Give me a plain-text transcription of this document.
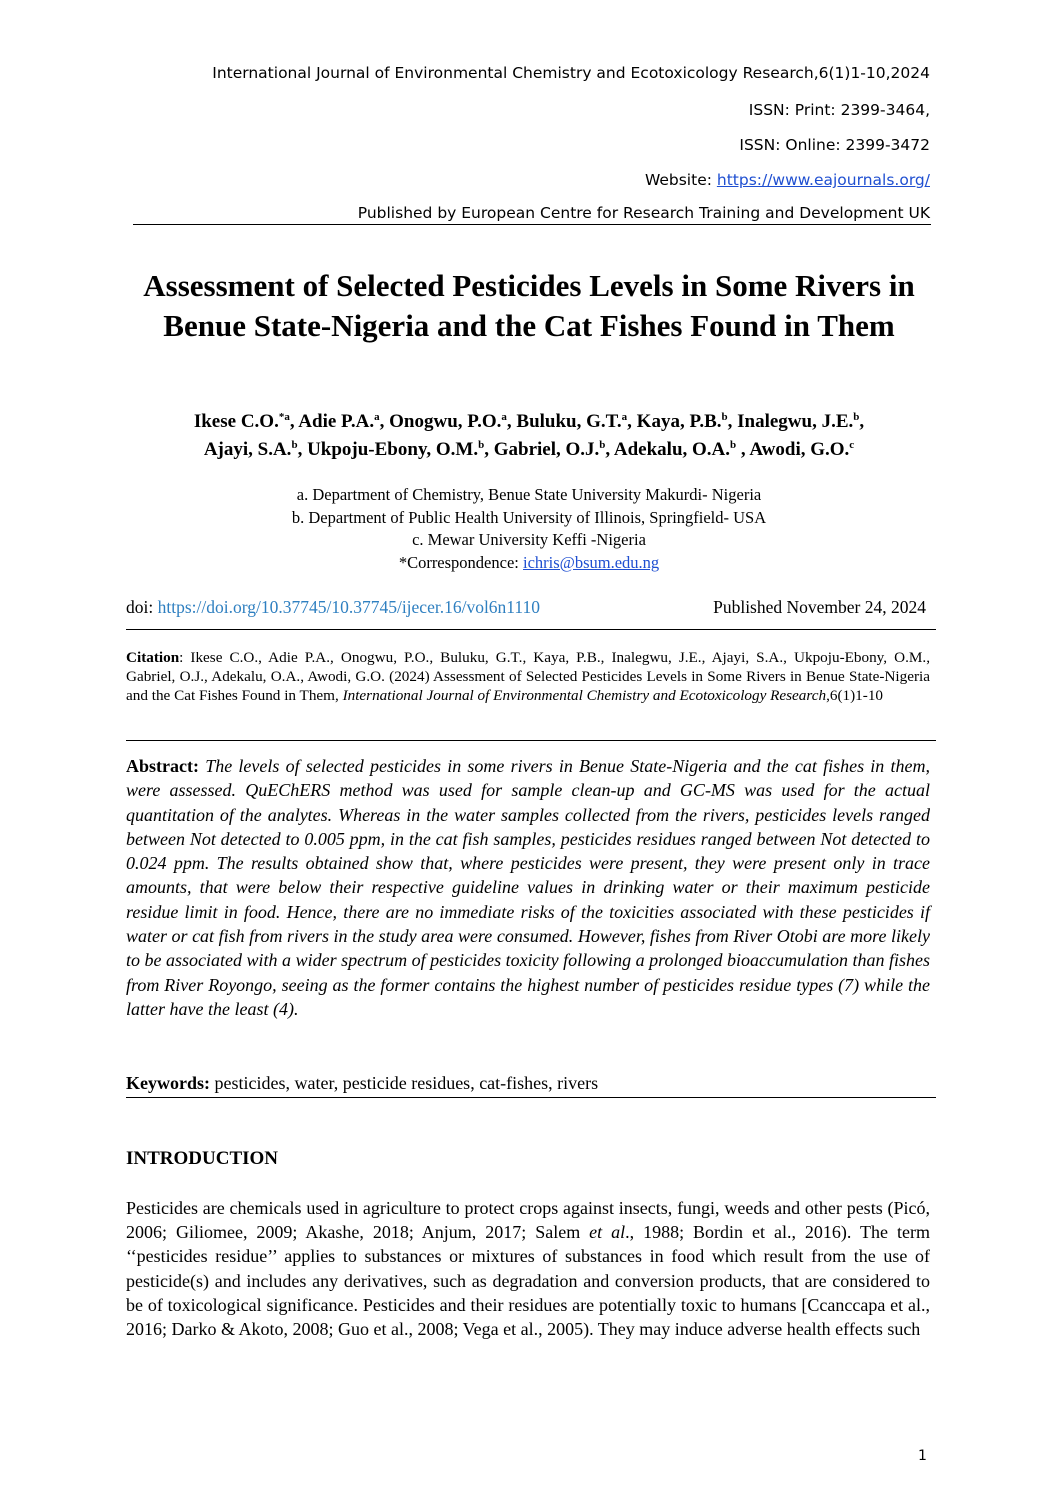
International Journal of Environmental Chemistry and Ecotoxicology Research,6(1)1-10,2024
ISSN: Print: 2399-3464,
ISSN: Online: 2399-3472
Website: https://www.eajournals.org/
Published by European Centre for Research Training and Development UK
Assessment of Selected Pesticides Levels in Some Rivers in Benue State-Nigeria and the Cat Fishes Found in Them
Ikese C.O.$^{*a}$, Adie P.A.$^a$, Onogwu, P.O.$^a$, Buluku, G.T.$^a$, Kaya, P.B.$^b$, Inalegwu, J.E.$^b$,
Ajayi, S.A.$^b$, Ukpoju-Ebony, O.M.$^b$, Gabriel, O.J.$^b$, Adekalu, O.A.$^b$ , Awodi, G.O.$^c$
a. Department of Chemistry, Benue State University Makurdi- Nigeria
b. Department of Public Health University of Illinois, Springfield- USA
c. Mewar University Keffi -Nigeria
*Correspondence: ichris@bsum.edu.ng
doi: https://doi.org/10.37745/10.37745/ijecer.16/vol6n1110	Published November 24, 2024
Citation: Ikese C.O., Adie P.A., Onogwu, P.O., Buluku, G.T., Kaya, P.B., Inalegwu, J.E., Ajayi, S.A., Ukpoju-Ebony, O.M., Gabriel, O.J., Adekalu, O.A., Awodi, G.O. (2024) Assessment of Selected Pesticides Levels in Some Rivers in Benue State-Nigeria and the Cat Fishes Found in Them, International Journal of Environmental Chemistry and Ecotoxicology Research,6(1)1-10
Abstract: The levels of selected pesticides in some rivers in Benue State-Nigeria and the cat fishes in them, were assessed. QuEChERS method was used for sample clean-up and GC-MS was used for the actual quantitation of the analytes. Whereas in the water samples collected from the rivers, pesticides levels ranged between Not detected to 0.005 ppm, in the cat fish samples, pesticides residues ranged between Not detected to 0.024 ppm. The results obtained show that, where pesticides were present, they were present only in trace amounts, that were below their respective guideline values in drinking water or their maximum pesticide residue limit in food. Hence, there are no immediate risks of the toxicities associated with these pesticides if water or cat fish from rivers in the study area were consumed. However, fishes from River Otobi are more likely to be associated with a wider spectrum of pesticides toxicity following a prolonged bioaccumulation than fishes from River Royongo, seeing as the former contains the highest number of pesticides residue types (7) while the latter have the least (4).
Keywords: pesticides, water, pesticide residues, cat-fishes, rivers
INTRODUCTION
Pesticides are chemicals used in agriculture to protect crops against insects, fungi, weeds and other pests (Picó, 2006; Giliomee, 2009; Akashe, 2018; Anjum, 2017; Salem et al., 1988; Bordin et al., 2016). The term ‘‘pesticides residue’’ applies to substances or mixtures of substances in food which result from the use of pesticide(s) and includes any derivatives, such as degradation and conversion products, that are considered to be of toxicological significance. Pesticides and their residues are potentially toxic to humans [Ccanccapa et al., 2016; Darko & Akoto, 2008; Guo et al., 2008; Vega et al., 2005). They may induce adverse health effects such
1
